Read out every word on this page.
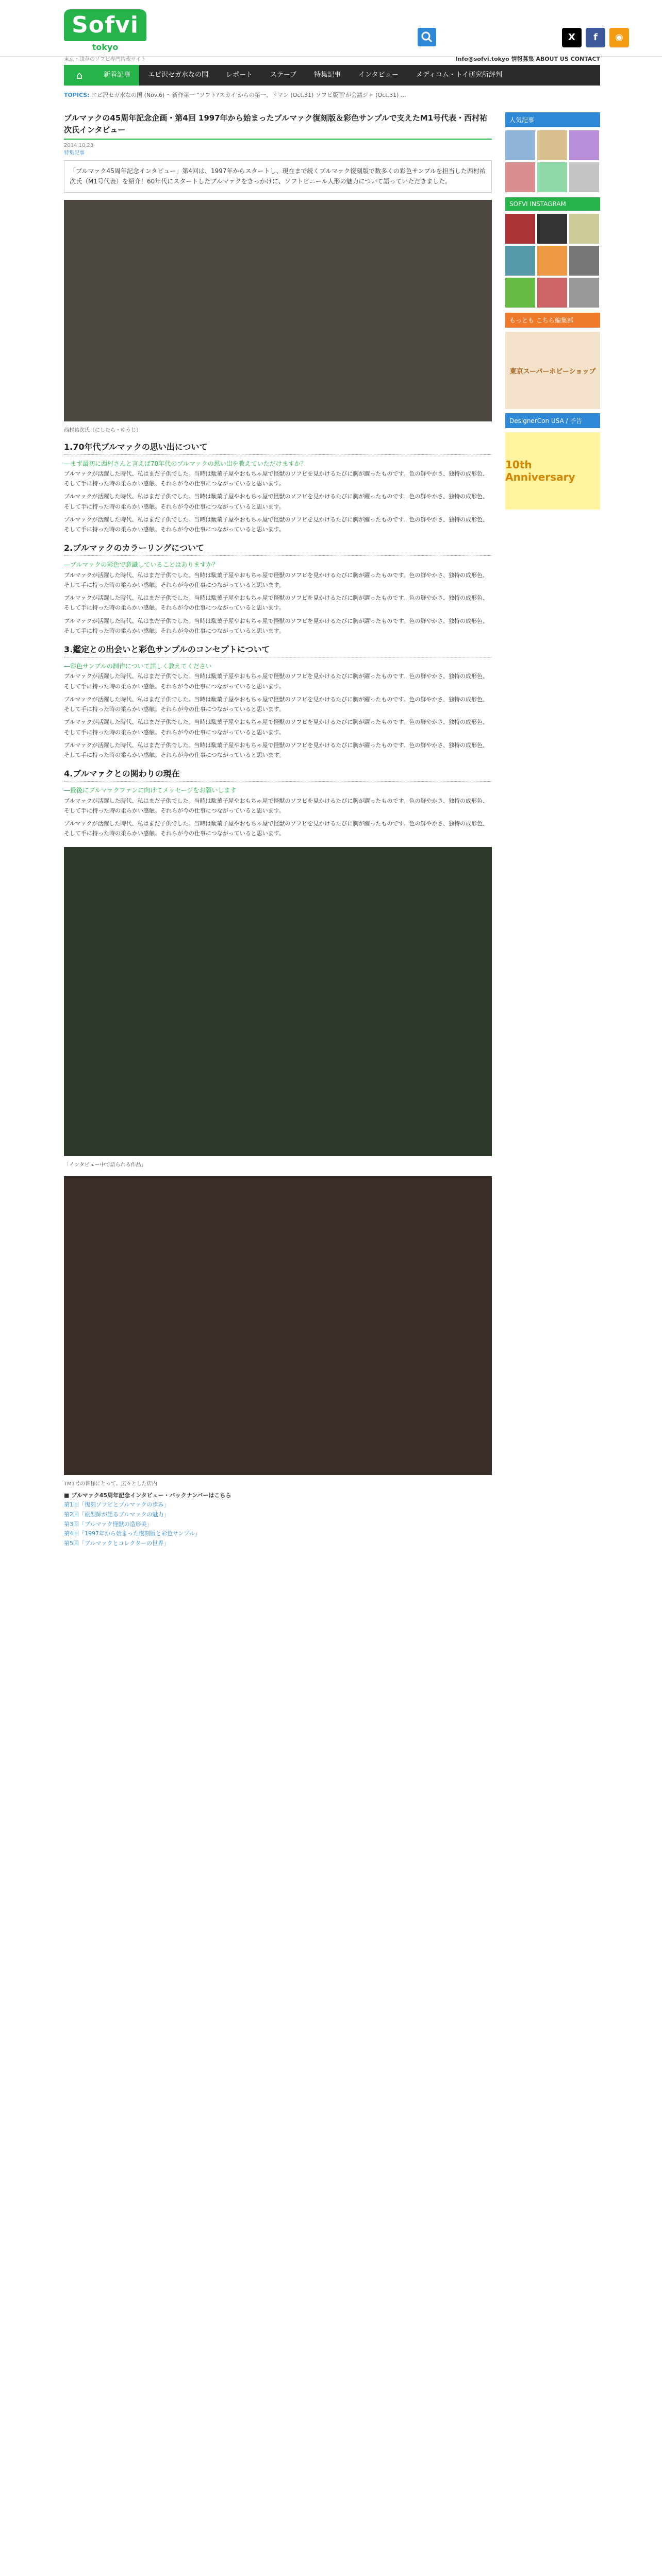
Sofvi
tokyo
X	f	◉
東京・浅草のソフビ専門情報サイト	Info@sofvi.tokyo 情報募集 ABOUT US CONTACT
⌂	新着記事	エピ沢セガ水なの国	レポート	ステーブ	特集記事	インタビュー	メディコム・トイ研究所評判
TOPICS: エピ沢セガ水なの国 (Nov.6) ～新作第一 "ソフト?スカイ'からの第一、ドマン (Oct.31) ソフビ版画'が会議ジャ (Oct.31) …
ブルマァクの45周年記念企画・第4回 1997年から始まったブルマァク復刻版＆彩色サンプルで支えたM1号代表・西村祐次氏インタビュー
2014.10.23
特集記事
「ブルマァク45周年記念インタビュー」第4回は、1997年からスタートし、現在まで続くブルマァク復刻版で数多くの彩色サンプルを担当した西村祐次氏（M1号代表）を紹介！60年代にスタートしたブルマァクをきっかけに、ソフトビニール人形の魅力について語っていただきました。
西村祐次氏（にしむら・ゆうじ）
1.70年代ブルマァクの思い出について

―まず最初に西村さんと言えば70年代のブルマァクの思い出を教えていただけますか？

ブルマァクが活躍した時代、私はまだ子供でした。当時は駄菓子屋やおもちゃ屋で怪獣のソフビを見かけるたびに胸が躍ったものです。色の鮮やかさ、独特の成形色、そして手に持った時の柔らかい感触。それらが今の仕事につながっていると思います。

ブルマァクが活躍した時代、私はまだ子供でした。当時は駄菓子屋やおもちゃ屋で怪獣のソフビを見かけるたびに胸が躍ったものです。色の鮮やかさ、独特の成形色、そして手に持った時の柔らかい感触。それらが今の仕事につながっていると思います。

ブルマァクが活躍した時代、私はまだ子供でした。当時は駄菓子屋やおもちゃ屋で怪獣のソフビを見かけるたびに胸が躍ったものです。色の鮮やかさ、独特の成形色、そして手に持った時の柔らかい感触。それらが今の仕事につながっていると思います。

2.ブルマァクのカラーリングについて

―ブルマァクの彩色で意識していることはありますか？

ブルマァクが活躍した時代、私はまだ子供でした。当時は駄菓子屋やおもちゃ屋で怪獣のソフビを見かけるたびに胸が躍ったものです。色の鮮やかさ、独特の成形色、そして手に持った時の柔らかい感触。それらが今の仕事につながっていると思います。

ブルマァクが活躍した時代、私はまだ子供でした。当時は駄菓子屋やおもちゃ屋で怪獣のソフビを見かけるたびに胸が躍ったものです。色の鮮やかさ、独特の成形色、そして手に持った時の柔らかい感触。それらが今の仕事につながっていると思います。

ブルマァクが活躍した時代、私はまだ子供でした。当時は駄菓子屋やおもちゃ屋で怪獣のソフビを見かけるたびに胸が躍ったものです。色の鮮やかさ、独特の成形色、そして手に持った時の柔らかい感触。それらが今の仕事につながっていると思います。

3.鑑定との出会いと彩色サンプルのコンセプトについて

―彩色サンプルの制作について詳しく教えてください

ブルマァクが活躍した時代、私はまだ子供でした。当時は駄菓子屋やおもちゃ屋で怪獣のソフビを見かけるたびに胸が躍ったものです。色の鮮やかさ、独特の成形色、そして手に持った時の柔らかい感触。それらが今の仕事につながっていると思います。

ブルマァクが活躍した時代、私はまだ子供でした。当時は駄菓子屋やおもちゃ屋で怪獣のソフビを見かけるたびに胸が躍ったものです。色の鮮やかさ、独特の成形色、そして手に持った時の柔らかい感触。それらが今の仕事につながっていると思います。

ブルマァクが活躍した時代、私はまだ子供でした。当時は駄菓子屋やおもちゃ屋で怪獣のソフビを見かけるたびに胸が躍ったものです。色の鮮やかさ、独特の成形色、そして手に持った時の柔らかい感触。それらが今の仕事につながっていると思います。

ブルマァクが活躍した時代、私はまだ子供でした。当時は駄菓子屋やおもちゃ屋で怪獣のソフビを見かけるたびに胸が躍ったものです。色の鮮やかさ、独特の成形色、そして手に持った時の柔らかい感触。それらが今の仕事につながっていると思います。

4.ブルマァクとの関わりの現在

―最後にブルマァクファンに向けてメッセージをお願いします

ブルマァクが活躍した時代、私はまだ子供でした。当時は駄菓子屋やおもちゃ屋で怪獣のソフビを見かけるたびに胸が躍ったものです。色の鮮やかさ、独特の成形色、そして手に持った時の柔らかい感触。それらが今の仕事につながっていると思います。

ブルマァクが活躍した時代、私はまだ子供でした。当時は駄菓子屋やおもちゃ屋で怪獣のソフビを見かけるたびに胸が躍ったものです。色の鮮やかさ、独特の成形色、そして手に持った時の柔らかい感触。それらが今の仕事につながっていると思います。

「インタビュー中で語られる作品」
TM1号の皆様にとって、広々とした店内
■ ブルマァク45周年記念インタビュー・バックナンバーはこちら
第1回「復刻ソフビとブルマァクの歩み」
第2回「原型師が語るブルマァクの魅力」
第3回「ブルマァク怪獣の造形美」
第4回「1997年から始まった復刻版と彩色サンプル」
第5回「ブルマァクとコレクターの世界」
人気記事
SOFVI INSTAGRAM
もっとも こちら編集部
東京スーパーホビーショップ
DesignerCon USA / 予告
10th Anniversary
